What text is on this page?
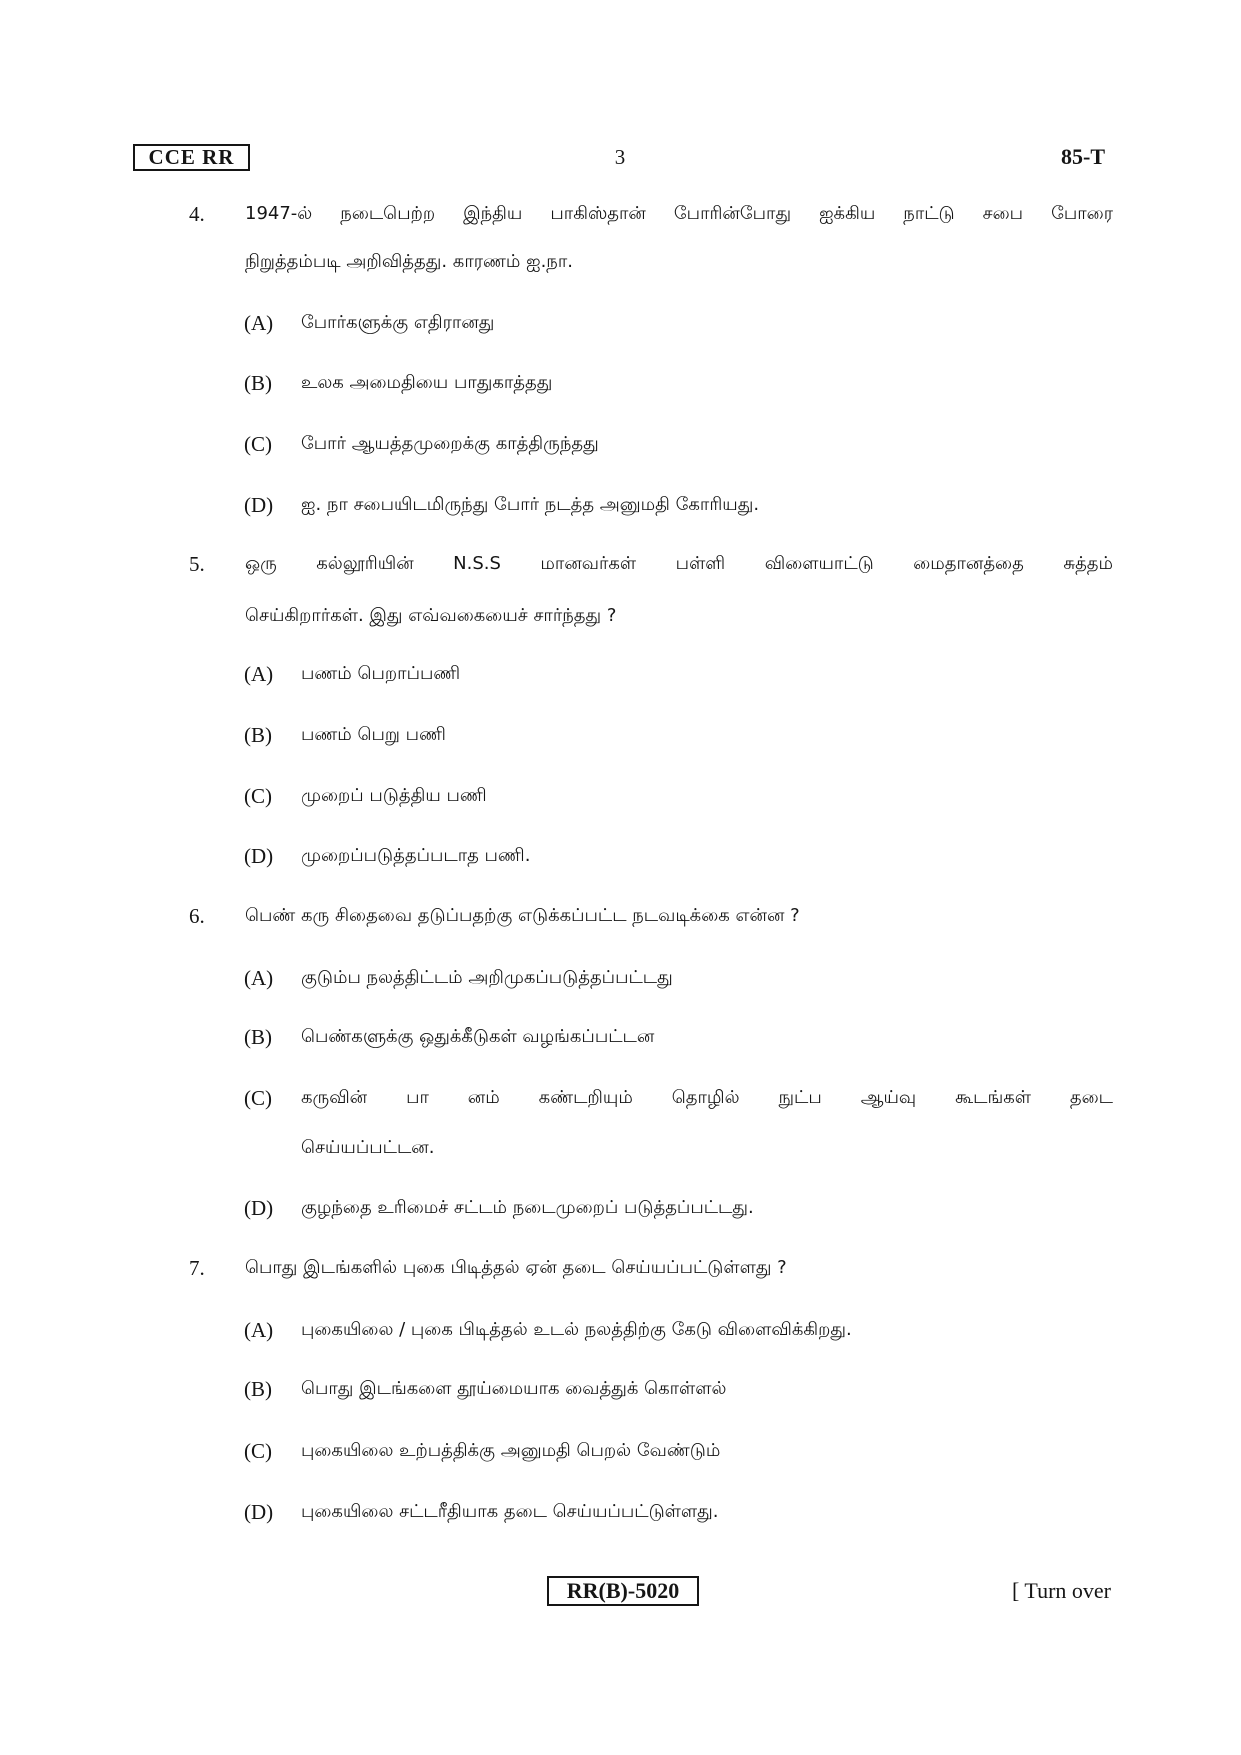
CCE RR	3	85-T
4.	1947-ல் நடைபெற்ற இந்திய பாகிஸ்தான் போரின்போது ஐக்கிய நாட்டு சபை போரை
நிறுத்தம்படி அறிவித்தது. காரணம் ஐ.நா.
(A)	போர்களுக்கு எதிரானது
(B)	உலக அமைதியை பாதுகாத்தது
(C)	போர் ஆயத்தமுறைக்கு காத்திருந்தது
(D)	ஐ. நா சபையிடமிருந்து போர் நடத்த அனுமதி கோரியது.
5.	ஒரு கல்லூரியின் N.S.S மானவர்கள் பள்ளி விளையாட்டு மைதானத்தை சுத்தம்
செய்கிறார்கள். இது எவ்வகையைச் சார்ந்தது ?
(A)	பணம் பெறாப்பணி
(B)	பணம் பெறு பணி
(C)	முறைப் படுத்திய பணி
(D)	முறைப்படுத்தப்படாத பணி.
6.	பெண் கரு சிதைவை தடுப்பதற்கு எடுக்கப்பட்ட நடவடிக்கை என்ன ?
(A)	குடும்ப நலத்திட்டம் அறிமுகப்படுத்தப்பட்டது
(B)	பெண்களுக்கு ஒதுக்கீடுகள் வழங்கப்பட்டன
(C)	கருவின் பா னம் கண்டறியும் தொழில் நுட்ப ஆய்வு கூடங்கள் தடை
செய்யப்பட்டன.
(D)	குழந்தை உரிமைச் சட்டம் நடைமுறைப் படுத்தப்பட்டது.
7.	பொது இடங்களில் புகை பிடித்தல் ஏன் தடை செய்யப்பட்டுள்ளது ?
(A)	புகையிலை / புகை பிடித்தல் உடல் நலத்திற்கு கேடு விளைவிக்கிறது.
(B)	பொது இடங்களை தூய்மையாக வைத்துக் கொள்ளல்
(C)	புகையிலை உற்பத்திக்கு அனுமதி பெறல் வேண்டும்
(D)	புகையிலை சட்டரீதியாக தடை செய்யப்பட்டுள்ளது.
RR(B)-5020	[ Turn over
